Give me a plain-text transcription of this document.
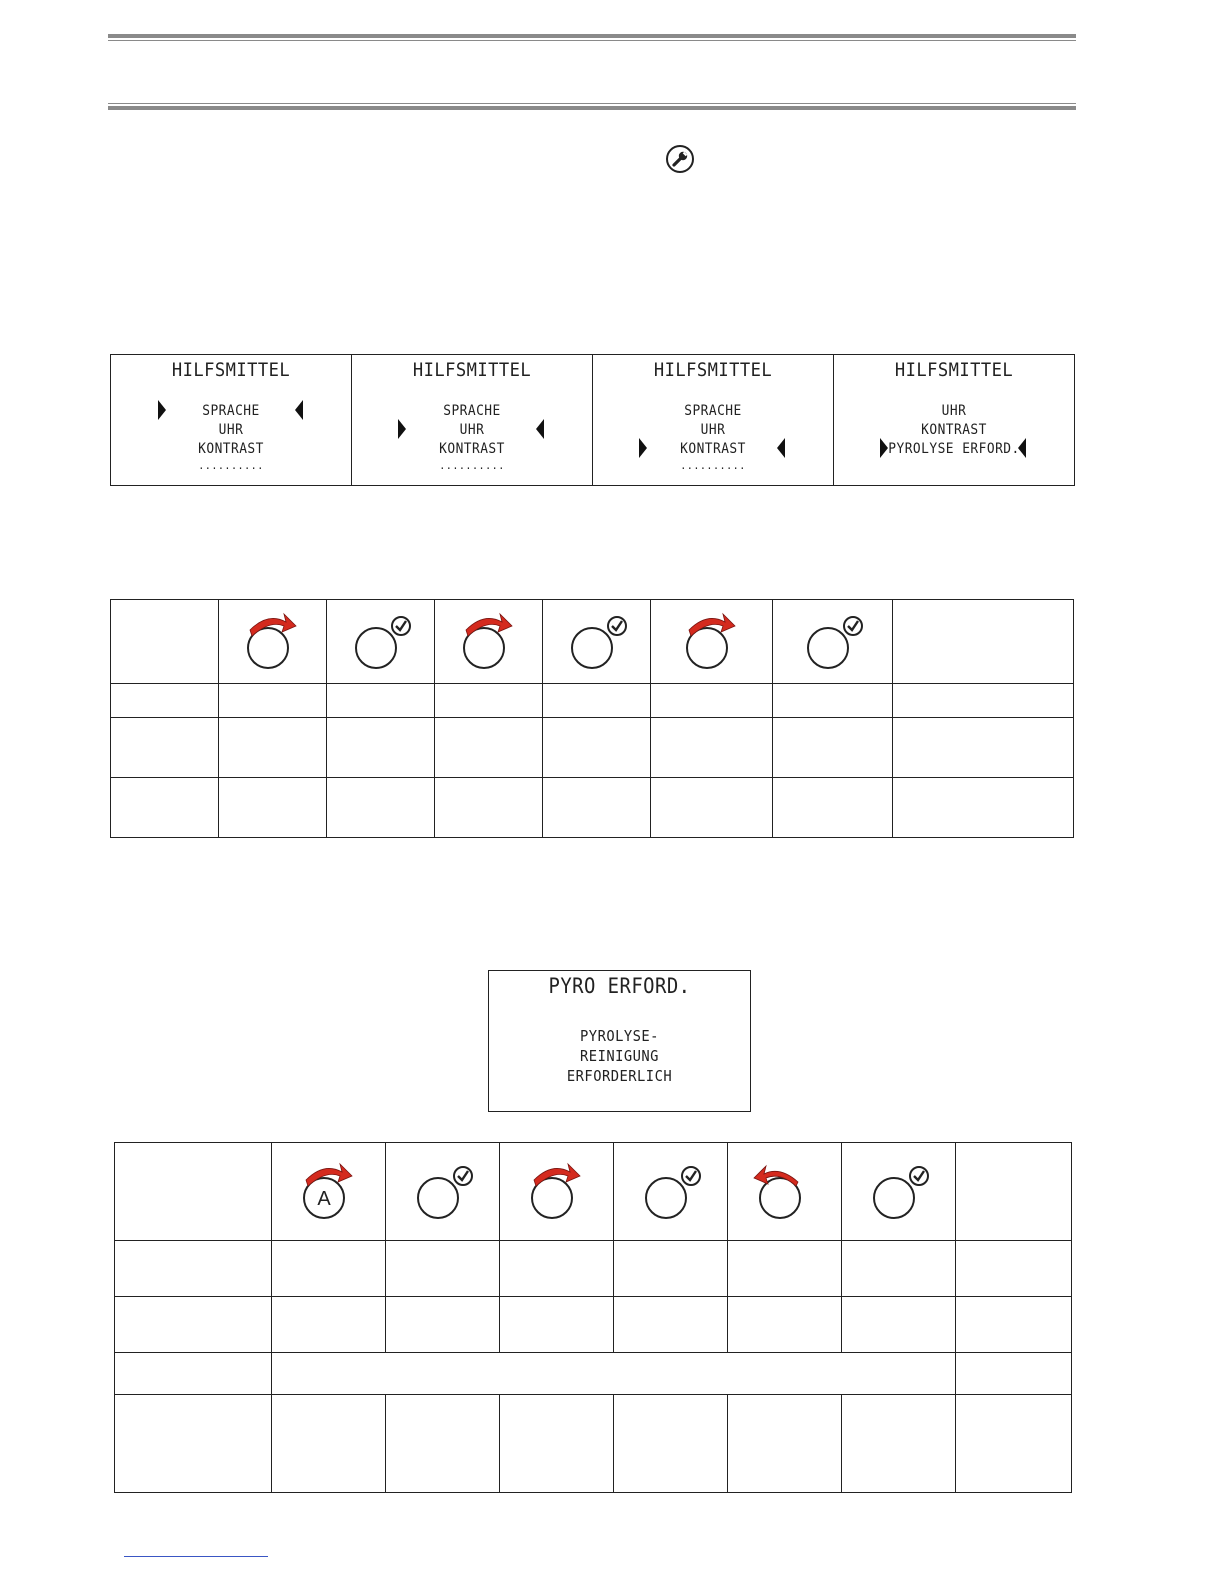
HILFSMITTEL
SPRACHE
UHR
KONTRAST
..........
HILFSMITTEL
SPRACHE
UHR
KONTRAST
..........
HILFSMITTEL
SPRACHE
UHR
KONTRAST
..........
HILFSMITTEL
UHR
KONTRAST
PYROLYSE ERFORD.

PYRO ERFORD.
PYROLYSE-
REINIGUNG
ERFORDERLICH

A
